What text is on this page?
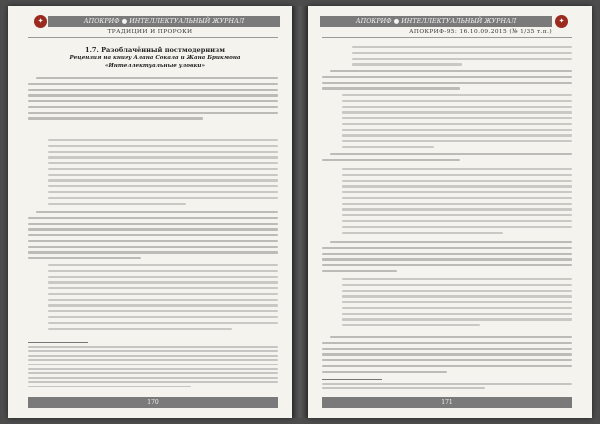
✦	АПОКРИФ ● ИНТЕЛЛЕКТУАЛЬНЫЙ ЖУРНАЛ
ТРАДИЦИИ И ПРОРОКИ
1.7. Разоблачённый постмодернизм
Рецензия на книгу Алана Сокала и Жана Брикмона
«Интеллектуальные уловки»
170
✦
АПОКРИФ ● ИНТЕЛЛЕКТУАЛЬНЫЙ ЖУРНАЛ
АПОКРИФ-95: 16.10.09.2015 (№ 1/35 т.п.)
171
